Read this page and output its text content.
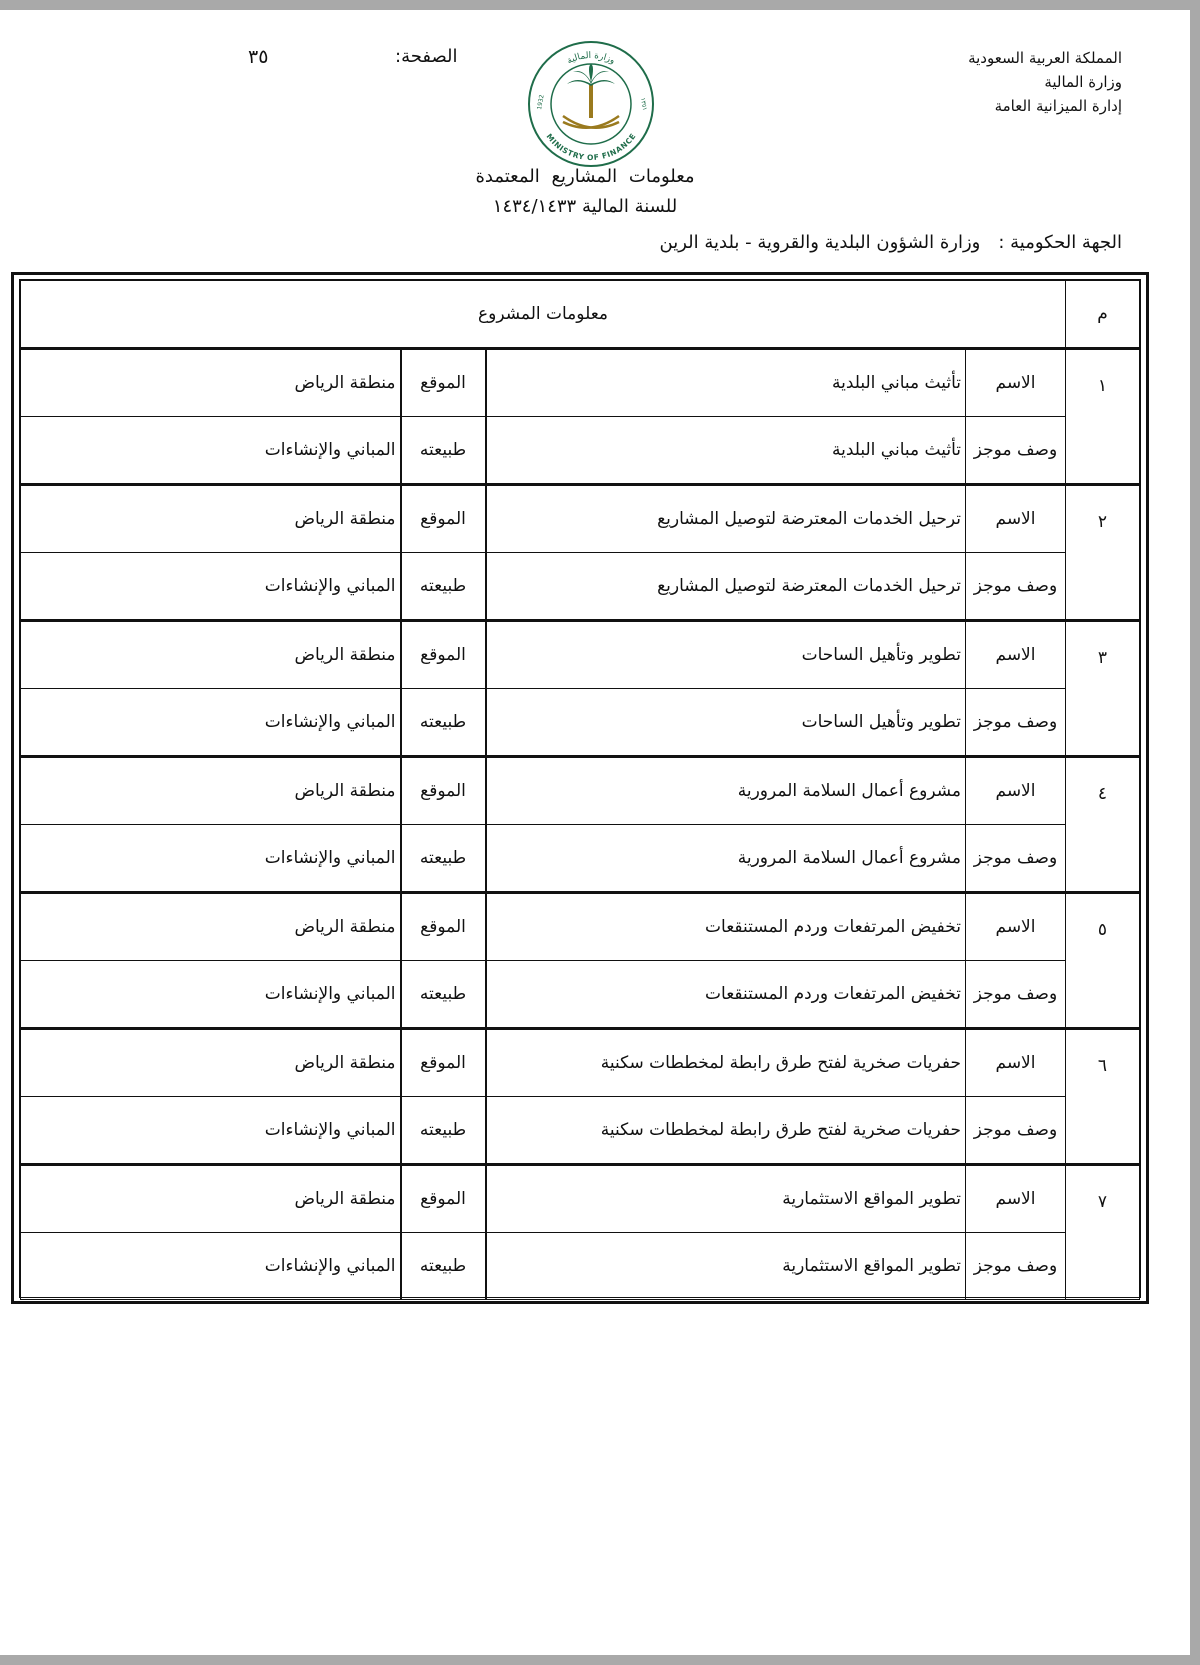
المملكة العربية السعودية
وزارة المالية
إدارة الميزانية العامة
الصفحة:
٣٥	وزارة المالية
MINISTRY OF FINANCE
1932	١٣٥١
معلومات المشاريع المعتمدة
للسنة المالية ١٤٣٤/١٤٣٣
الجهة الحكومية :وزارة الشؤون البلدية والقروية - بلدية الرين
م	معلومات المشروع			
١	الاسم	تأثيث مباني البلدية	الموقع	منطقة الرياض
	وصف موجز	تأثيث مباني البلدية	طبيعته	المباني والإنشاءات
٢	الاسم	ترحيل الخدمات المعترضة لتوصيل المشاريع	الموقع	منطقة الرياض
	وصف موجز	ترحيل الخدمات المعترضة لتوصيل المشاريع	طبيعته	المباني والإنشاءات
٣	الاسم	تطوير وتأهيل الساحات	الموقع	منطقة الرياض
	وصف موجز	تطوير وتأهيل الساحات	طبيعته	المباني والإنشاءات
٤	الاسم	مشروع أعمال السلامة المرورية	الموقع	منطقة الرياض
	وصف موجز	مشروع أعمال السلامة المرورية	طبيعته	المباني والإنشاءات
٥	الاسم	تخفيض المرتفعات وردم المستنقعات	الموقع	منطقة الرياض
	وصف موجز	تخفيض المرتفعات وردم المستنقعات	طبيعته	المباني والإنشاءات
٦	الاسم	حفريات صخرية لفتح طرق رابطة لمخططات سكنية	الموقع	منطقة الرياض
	وصف موجز	حفريات صخرية لفتح طرق رابطة لمخططات سكنية	طبيعته	المباني والإنشاءات
٧	الاسم	تطوير المواقع الاستثمارية	الموقع	منطقة الرياض
	وصف موجز	تطوير المواقع الاستثمارية	طبيعته	المباني والإنشاءات
